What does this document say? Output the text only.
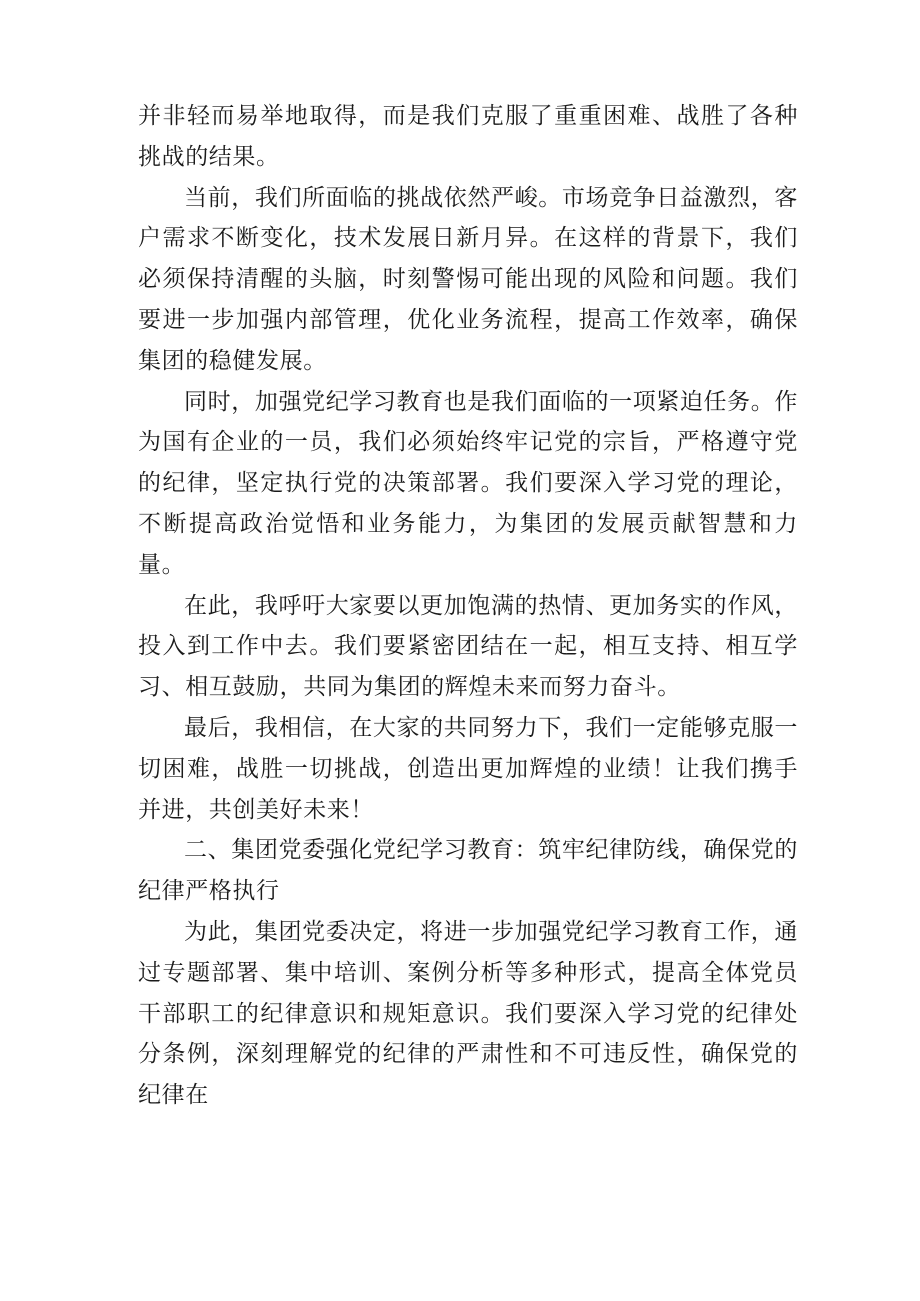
并非轻而易举地取得，而是我们克服了重重困难、战胜了各种挑战的结果。

当前，我们所面临的挑战依然严峻。市场竞争日益激烈，客户需求不断变化，技术发展日新月异。在这样的背景下，我们必须保持清醒的头脑，时刻警惕可能出现的风险和问题。我们要进一步加强内部管理，优化业务流程，提高工作效率，确保集团的稳健发展。

同时，加强党纪学习教育也是我们面临的一项紧迫任务。作为国有企业的一员，我们必须始终牢记党的宗旨，严格遵守党的纪律，坚定执行党的决策部署。我们要深入学习党的理论，不断提高政治觉悟和业务能力，为集团的发展贡献智慧和力量。

在此，我呼吁大家要以更加饱满的热情、更加务实的作风，投入到工作中去。我们要紧密团结在一起，相互支持、相互学习、相互鼓励，共同为集团的辉煌未来而努力奋斗。

最后，我相信，在大家的共同努力下，我们一定能够克服一切困难，战胜一切挑战，创造出更加辉煌的业绩！让我们携手并进，共创美好未来！

二、集团党委强化党纪学习教育：筑牢纪律防线，确保党的纪律严格执行

为此，集团党委决定，将进一步加强党纪学习教育工作，通过专题部署、集中培训、案例分析等多种形式，提高全体党员干部职工的纪律意识和规矩意识。我们要深入学习党的纪律处分条例，深刻理解党的纪律的严肃性和不可违反性，确保党的纪律在
